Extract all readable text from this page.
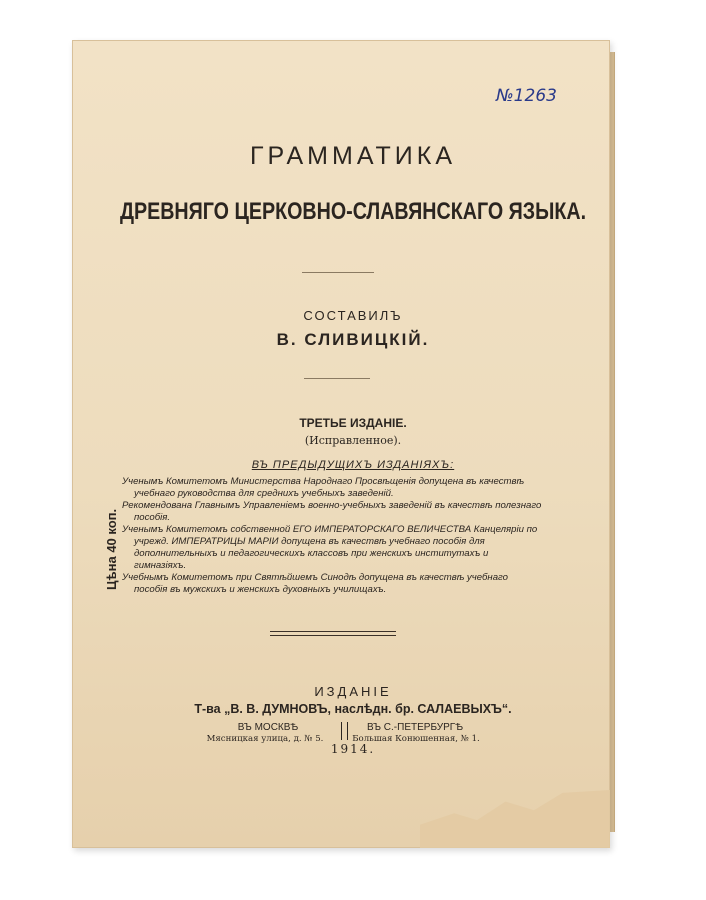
№1263
ГРАММАТИКА
ДРЕВНЯГО ЦЕРКОВНО-СЛАВЯНСКАГО ЯЗЫКА.
СОСТАВИЛЪ
В. СЛИВИЦКІЙ.
ТРЕТЬЕ ИЗДАНІЕ.
(Исправленное).
ВЪ ПРЕДЫДУЩИХЪ ИЗДАНІЯХЪ:

Ученымъ Комитетомъ Министерства Народнаго Просвѣщенія допущена въ качествѣ учебнаго руководства для среднихъ учебныхъ заведеній.

Рекомендована Главнымъ Управленіемъ военно-учебныхъ заведеній въ качествѣ полезнаго пособія.

Ученымъ Комитетомъ собственной ЕГО ИМПЕРАТОРСКАГО ВЕЛИЧЕСТВА Канцеляріи по учрежд. ИМПЕРАТРИЦЫ МАРІИ допущена въ качествѣ учебнаго пособія для дополнительныхъ и педагогическихъ классовъ при женскихъ институтахъ и гимназіяхъ.

Учебнымъ Комитетомъ при Святѣйшемъ Синодѣ допущена въ качествѣ учебнаго пособія въ мужскихъ и женскихъ духовныхъ училищахъ.

Цѣна 40 коп.
ИЗДАНІЕ
Т-ва „В. В. ДУМНОВЪ, наслѣдн. бр. САЛАЕВЫХЪ“.
ВЪ МОСКВѢ
Мясницкая улица, д. № 5.
ВЪ С.-ПЕТЕРБУРГѢ
Большая Конюшенная, № 1.
1914.
